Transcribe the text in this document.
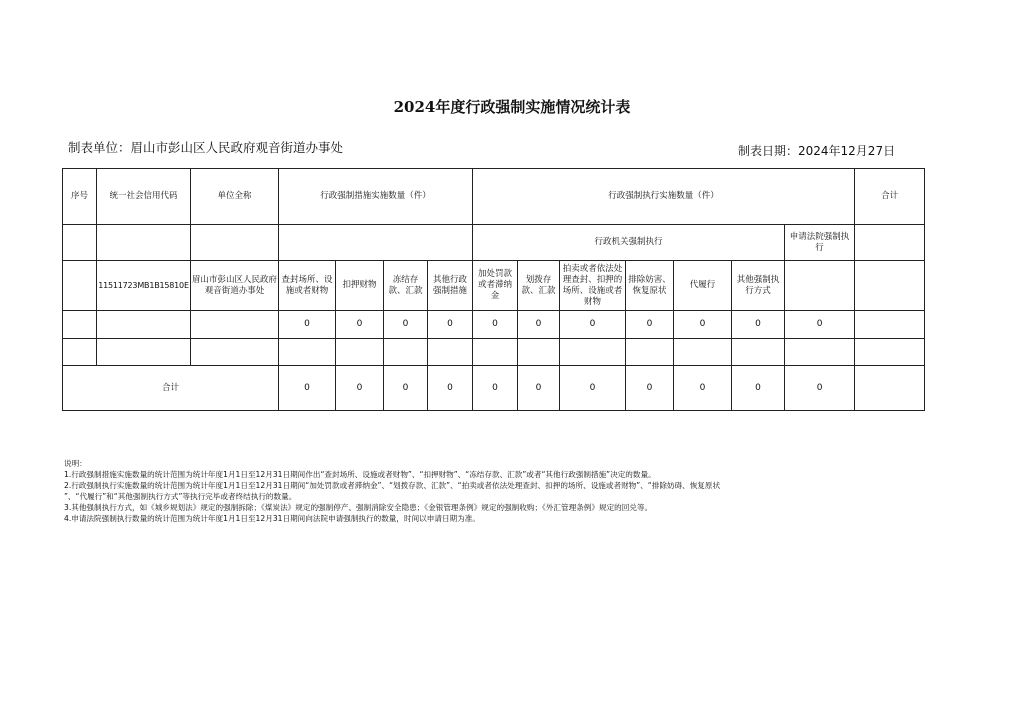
2024年度行政强制实施情况统计表
制表单位：眉山市彭山区人民政府观音街道办事处	制表日期：2024年12月27日
序号	统一社会信用代码	单位全称	行政强制措施实施数量（件）				行政强制执行实施数量（件）							合计
							行政机关强制执行						申请法院强制执行	
	11511723MB1B15810E	眉山市彭山区人民政府观音街道办事处	查封场所、设施或者财物	扣押财物	冻结存款、汇款	其他行政强制措施	加处罚款或者滞纳金	划拨存款、汇款	拍卖或者依法处理查封、扣押的场所、设施或者财物	排除妨害、恢复原状	代履行	其他强制执行方式		
			0	0	0	0	0	0	0	0	0	0	0	

合计			0	0	0	0	0	0	0	0	0	0	0	
说明：
1.行政强制措施实施数量的统计范围为统计年度1月1日至12月31日期间作出“查封场所、设施或者财物”、“扣押财物”、“冻结存款、汇款”或者“其他行政强制措施”决定的数量。
2.行政强制执行实施数量的统计范围为统计年度1月1日至12月31日期间“加处罚款或者滞纳金”、“划拨存款、汇款”、“拍卖或者依法处理查封、扣押的场所、设施或者财物”、“排除妨碍、恢复原状
”、“代履行”和“其他强制执行方式”等执行完毕或者终结执行的数量。
3.其他强制执行方式，如《城乡规划法》规定的强制拆除；《煤炭法》规定的强制停产、强制消除安全隐患；《金银管理条例》规定的强制收购；《外汇管理条例》规定的回兑等。
4.申请法院强制执行数量的统计范围为统计年度1月1日至12月31日期间向法院申请强制执行的数量，时间以申请日期为准。
